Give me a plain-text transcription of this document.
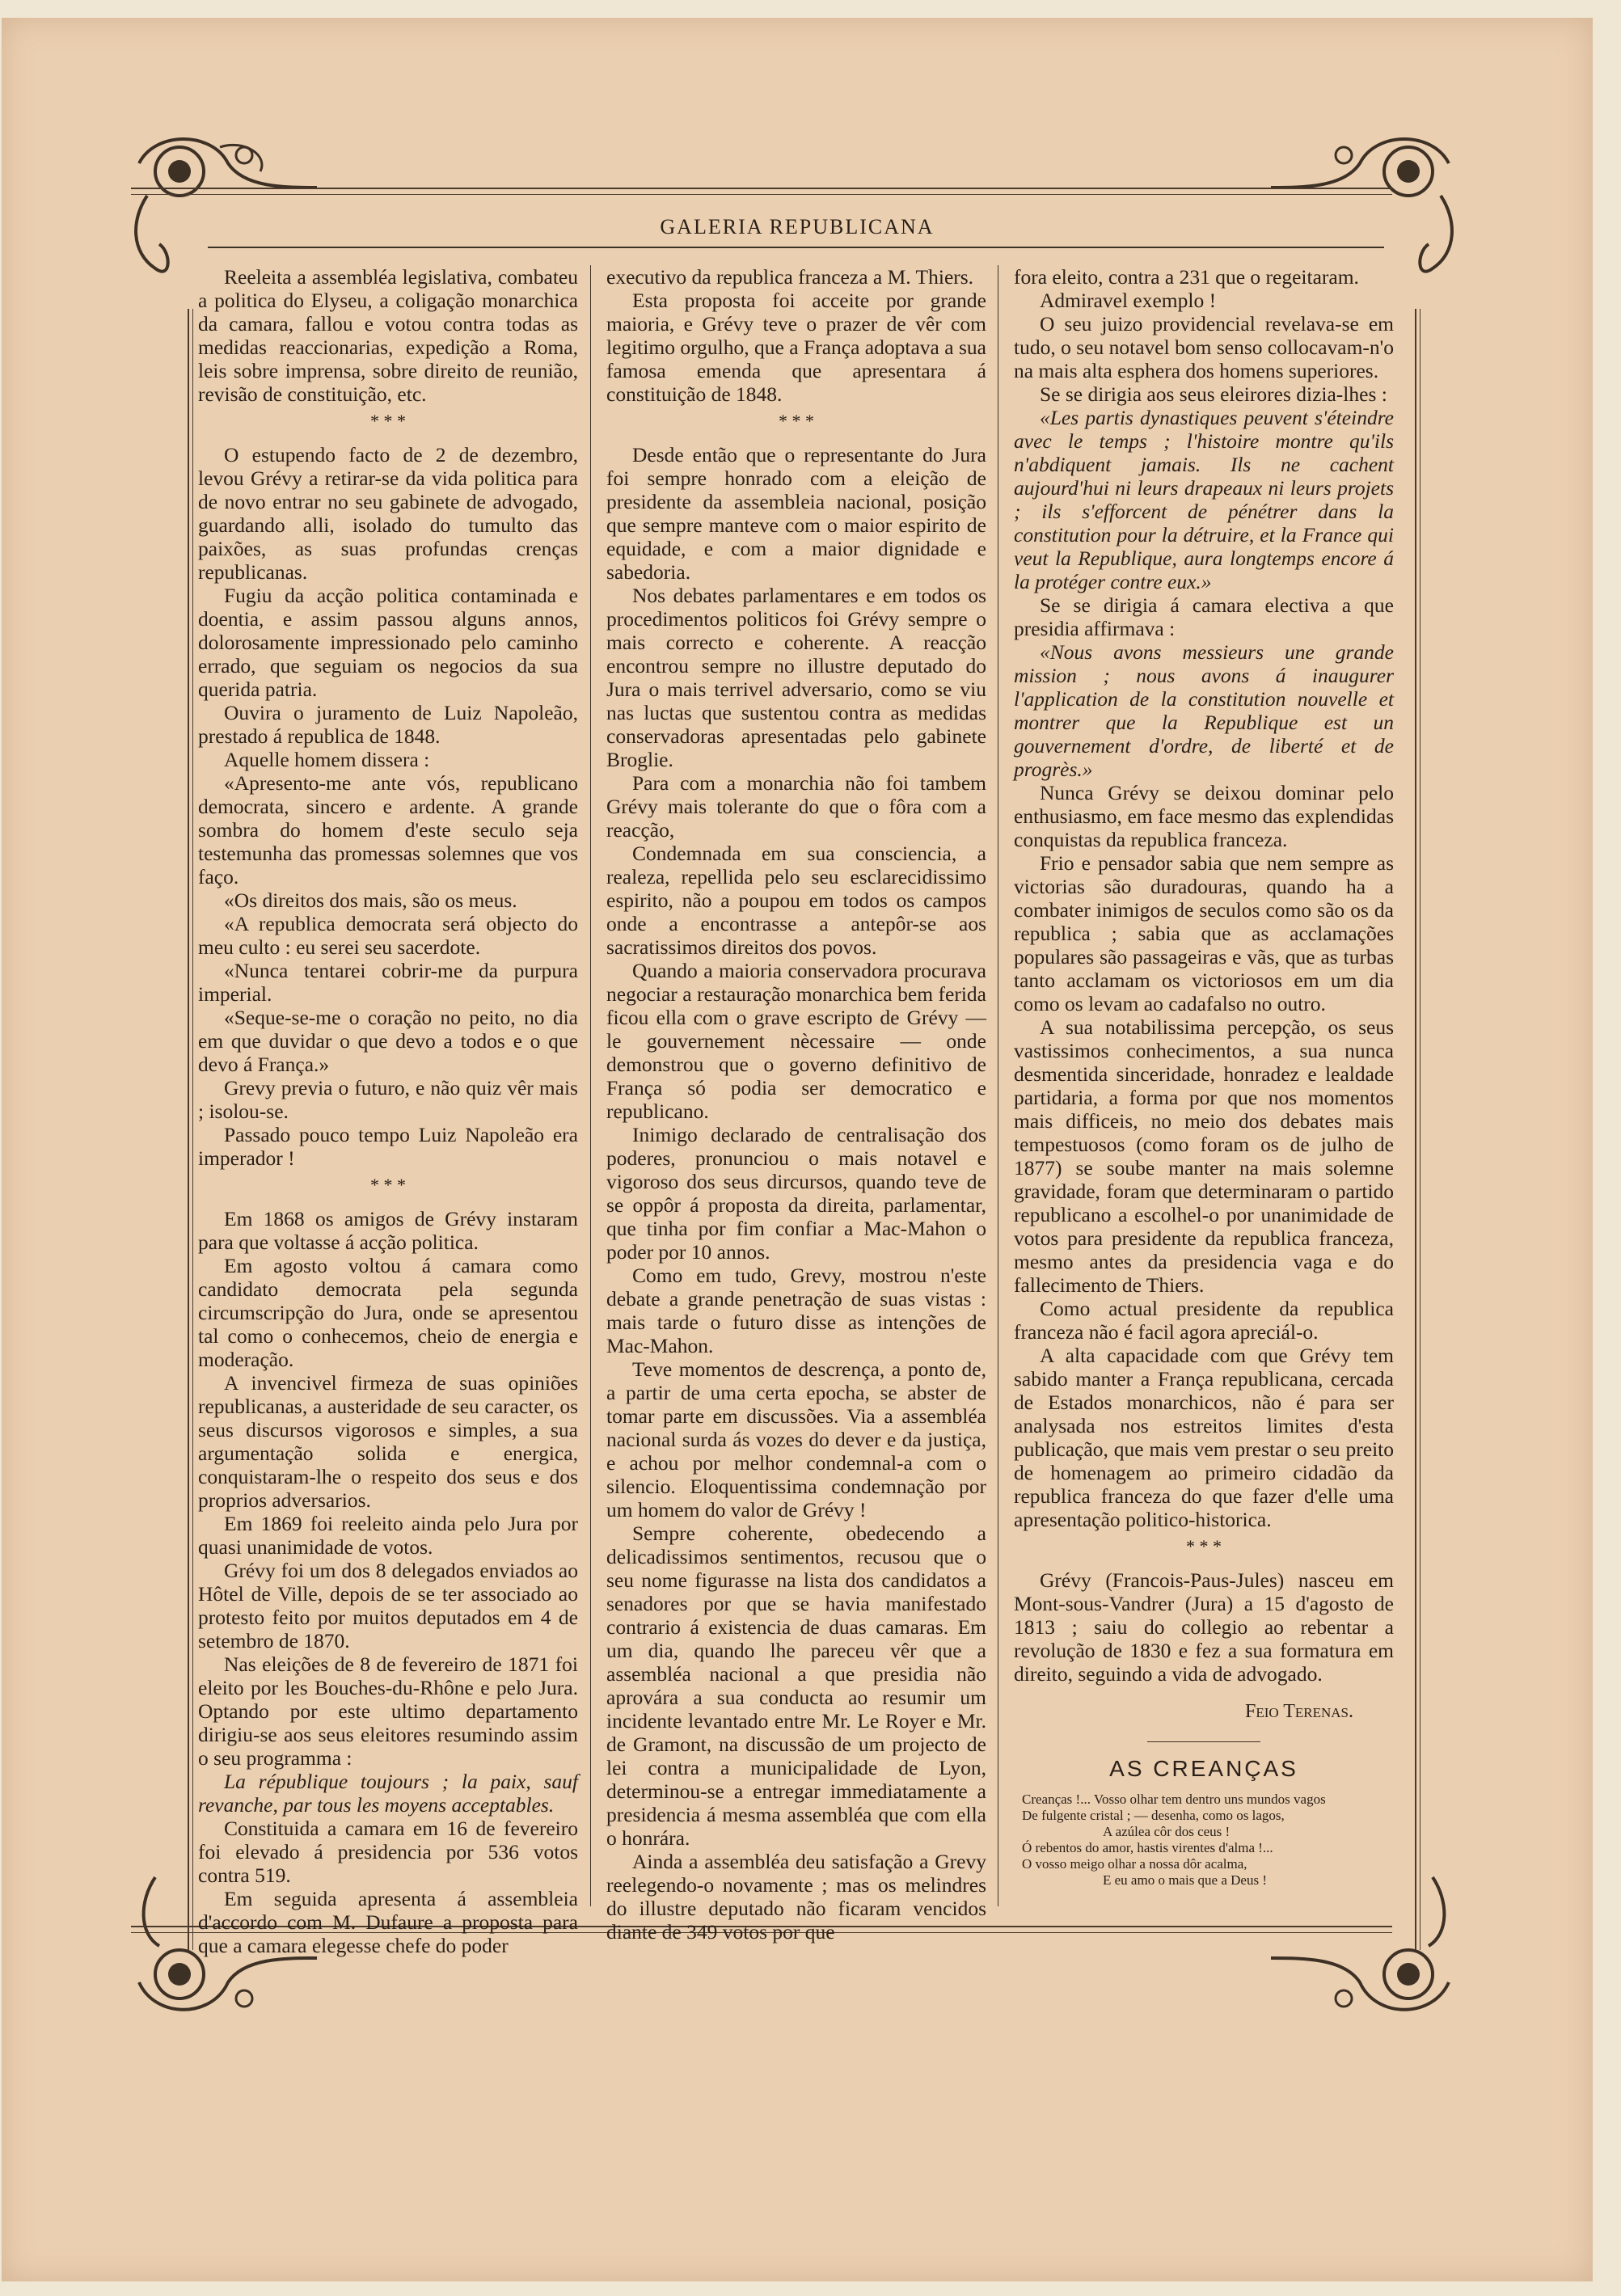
GALERIA REPUBLICANA

Reeleita a assembléa legislativa, combateu a politica do Elyseu, a coligação monarchica da camara, fallou e votou contra todas as medidas reaccionarias, expedição a Roma, leis sobre imprensa, sobre direito de reunião, revisão de constituição, etc.

* * *

O estupendo facto de 2 de dezembro, levou Grévy a retirar-se da vida politica para de novo entrar no seu gabinete de advogado, guardando alli, isolado do tumulto das paixões, as suas profundas crenças republicanas.

Fugiu da acção politica contaminada e doentia, e assim passou alguns annos, dolorosamente impressionado pelo caminho errado, que seguiam os negocios da sua querida patria.

Ouvira o juramento de Luiz Napoleão, prestado á republica de 1848.

Aquelle homem dissera :

«Apresento-me ante vós, republicano democrata, sincero e ardente. A grande sombra do homem d'este seculo seja testemunha das promessas solemnes que vos faço.

«Os direitos dos mais, são os meus.

«A republica democrata será objecto do meu culto : eu serei seu sacerdote.

«Nunca tentarei cobrir-me da purpura imperial.

«Seque-se-me o coração no peito, no dia em que duvidar o que devo a todos e o que devo á França.»

Grevy previa o futuro, e não quiz vêr mais ; isolou-se.

Passado pouco tempo Luiz Napoleão era imperador !

* * *

Em 1868 os amigos de Grévy instaram para que voltasse á acção politica.

Em agosto voltou á camara como candidato democrata pela segunda circumscripção do Jura, onde se apresentou tal como o conhecemos, cheio de energia e moderação.

A invencivel firmeza de suas opiniões republicanas, a austeridade de seu caracter, os seus discursos vigorosos e simples, a sua argumentação solida e energica, conquistaram-lhe o respeito dos seus e dos proprios adversarios.

Em 1869 foi reeleito ainda pelo Jura por quasi unanimidade de votos.

Grévy foi um dos 8 delegados enviados ao Hôtel de Ville, depois de se ter associado ao protesto feito por muitos deputados em 4 de setembro de 1870.

Nas eleições de 8 de fevereiro de 1871 foi eleito por les Bouches-du-Rhône e pelo Jura. Optando por este ultimo departamento dirigiu-se aos seus eleitores resumindo assim o seu programma :

La république toujours ; la paix, sauf revanche, par tous les moyens acceptables.

Constituida a camara em 16 de fevereiro foi elevado á presidencia por 536 votos contra 519.

Em seguida apresenta á assembleia d'accordo com M. Dufaure a proposta para que a camara elegesse chefe do poder

executivo da republica franceza a M. Thiers.

Esta proposta foi acceite por grande maioria, e Grévy teve o prazer de vêr com legitimo orgulho, que a França adoptava a sua famosa emenda que apresentara á constituição de 1848.

* * *

Desde então que o representante do Jura foi sempre honrado com a eleição de presidente da assembleia nacional, posição que sempre manteve com o maior espirito de equidade, e com a maior dignidade e sabedoria.

Nos debates parlamentares e em todos os procedimentos politicos foi Grévy sempre o mais correcto e coherente. A reacção encontrou sempre no illustre deputado do Jura o mais terrivel adversario, como se viu nas luctas que sustentou contra as medidas conservadoras apresentadas pelo gabinete Broglie.

Para com a monarchia não foi tambem Grévy mais tolerante do que o fôra com a reacção,

Condemnada em sua consciencia, a realeza, repellida pelo seu esclarecidissimo espirito, não a poupou em todos os campos onde a encontrasse a antepôr-se aos sacratissimos direitos dos povos.

Quando a maioria conservadora procurava negociar a restauração monarchica bem ferida ficou ella com o grave escripto de Grévy — le gouvernement nècessaire — onde demonstrou que o governo definitivo de França só podia ser democratico e republicano.

Inimigo declarado de centralisação dos poderes, pronunciou o mais notavel e vigoroso dos seus dircursos, quando teve de se oppôr á proposta da direita, parlamentar, que tinha por fim confiar a Mac-Mahon o poder por 10 annos.

Como em tudo, Grevy, mostrou n'este debate a grande penetração de suas vistas : mais tarde o futuro disse as intenções de Mac-Mahon.

Teve momentos de descrença, a ponto de, a partir de uma certa epocha, se abster de tomar parte em discussões. Via a assembléa nacional surda ás vozes do dever e da justiça, e achou por melhor condemnal-a com o silencio. Eloquentissima condemnação por um homem do valor de Grévy !

Sempre coherente, obedecendo a delicadissimos sentimentos, recusou que o seu nome figurasse na lista dos candidatos a senadores por que se havia manifestado contrario á existencia de duas camaras. Em um dia, quando lhe pareceu vêr que a assembléa nacional a que presidia não aprovára a sua conducta ao resumir um incidente levantado entre Mr. Le Royer e Mr. de Gramont, na discussão de um projecto de lei contra a municipalidade de Lyon, determinou-se a entregar immediatamente a presidencia á mesma assembléa que com ella o honrára.

Ainda a assembléa deu satisfação a Grevy reelegendo-o novamente ; mas os melindres do illustre deputado não ficaram vencidos diante de 349 votos por que

fora eleito, contra a 231 que o regeitaram.

Admiravel exemplo !

O seu juizo providencial revelava-se em tudo, o seu notavel bom senso collocavam-n'o na mais alta esphera dos homens superiores.

Se se dirigia aos seus eleirores dizia-lhes :

«Les partis dynastiques peuvent s'éteindre avec le temps ; l'histoire montre qu'ils n'abdiquent jamais. Ils ne cachent aujourd'hui ni leurs drapeaux ni leurs projets ; ils s'efforcent de pénétrer dans la constitution pour la détruire, et la France qui veut la Republique, aura longtemps encore á la protéger contre eux.»

Se se dirigia á camara electiva a que presidia affirmava :

«Nous avons messieurs une grande mission ; nous avons á inaugurer l'application de la constitution nouvelle et montrer que la Republique est un gouvernement d'ordre, de liberté et de progrès.»

Nunca Grévy se deixou dominar pelo enthusiasmo, em face mesmo das explendidas conquistas da republica franceza.

Frio e pensador sabia que nem sempre as victorias são duradouras, quando ha a combater inimigos de seculos como são os da republica ; sabia que as acclamações populares são passageiras e vãs, que as turbas tanto acclamam os victoriosos em um dia como os levam ao cadafalso no outro.

A sua notabilissima percepção, os seus vastissimos conhecimentos, a sua nunca desmentida sinceridade, honradez e lealdade partidaria, a forma por que nos momentos mais difficeis, no meio dos debates mais tempestuosos (como foram os de julho de 1877) se soube manter na mais solemne gravidade, foram que determinaram o partido republicano a escolhel-o por unanimidade de votos para presidente da republica franceza, mesmo antes da presidencia vaga e do fallecimento de Thiers.

Como actual presidente da republica franceza não é facil agora apreciál-o.

A alta capacidade com que Grévy tem sabido manter a França republicana, cercada de Estados monarchicos, não é para ser analysada nos estreitos limites d'esta publicação, que mais vem prestar o seu preito de homenagem ao primeiro cidadão da republica franceza do que fazer d'elle uma apresentação politico-historica.

* * *

Grévy (Francois-Paus-Jules) nasceu em Mont-sous-Vandrer (Jura) a 15 d'agosto de 1813 ; saiu do collegio ao rebentar a revolução de 1830 e fez a sua formatura em direito, seguindo a vida de advogado.

Feio Terenas.
AS CREANÇAS
Creanças !... Vosso olhar tem dentro uns mundos vagos
De fulgente cristal ; — desenha, como os lagos,
A azúlea côr dos ceus !
Ó rebentos do amor, hastis virentes d'alma !...
O vosso meigo olhar a nossa dôr acalma,
E eu amo o mais que a Deus !
